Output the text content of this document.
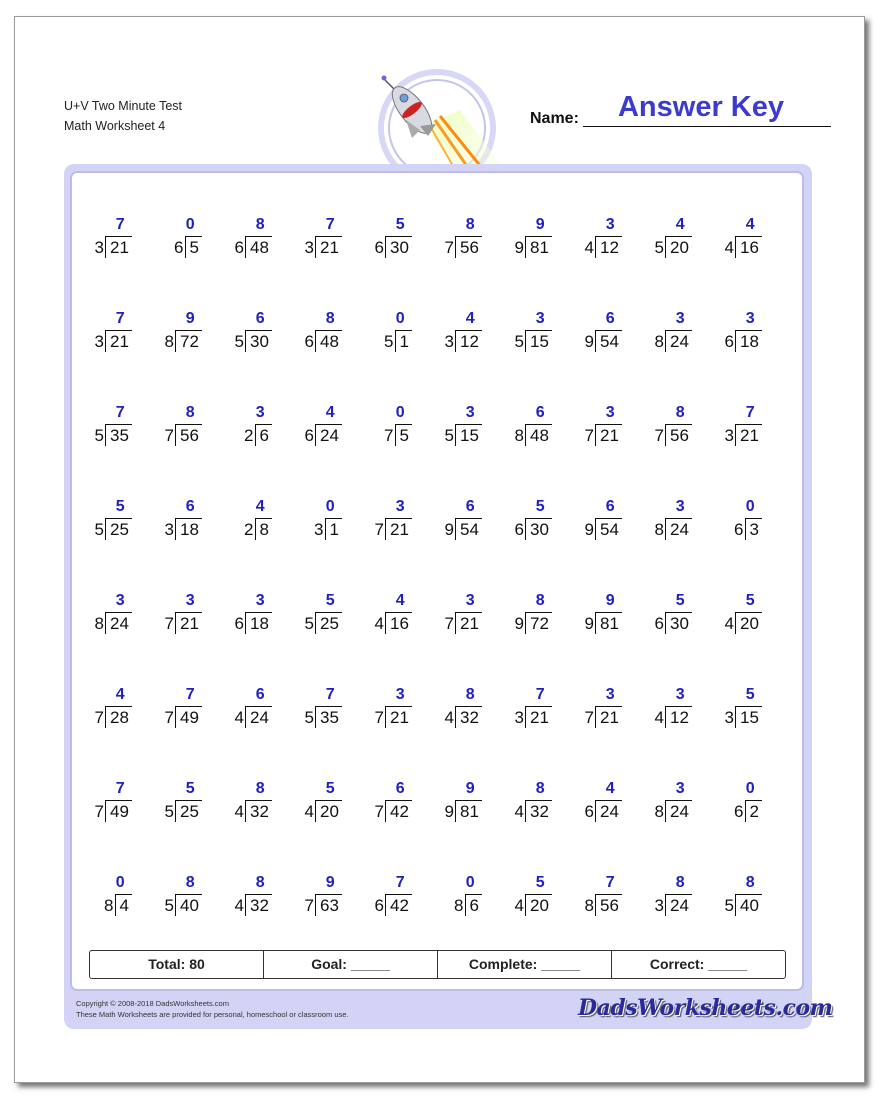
U+V Two Minute Test
Math Worksheet 4
Answer Key
Name:
7
3 21
0
6 5
8
6 48
7
3 21
5
6 30
8
7 56
9
9 81
3
4 12
4
5 20
4
4 16
7
3 21
9
8 72
6
5 30
8
6 48
0
5 1
4
3 12
3
5 15
6
9 54
3
8 24
3
6 18
7
5 35
8
7 56
3
2 6
4
6 24
0
7 5
3
5 15
6
8 48
3
7 21
8
7 56
7
3 21
5
5 25
6
3 18
4
2 8
0
3 1
3
7 21
6
9 54
5
6 30
6
9 54
3
8 24
0
6 3
3
8 24
3
7 21
3
6 18
5
5 25
4
4 16
3
7 21
8
9 72
9
9 81
5
6 30
5
4 20
4
7 28
7
7 49
6
4 24
7
5 35
3
7 21
8
4 32
7
3 21
3
7 21
3
4 12
5
3 15
7
7 49
5
5 25
8
4 32
5
4 20
6
7 42
9
9 81
8
4 32
4
6 24
3
8 24
0
6 2
0
8 4
8
5 40
8
4 32
9
7 63
7
6 42
0
8 6
5
4 20
7
8 56
8
3 24
8
5 40
Total: 80	Goal: _____	Complete: _____	Correct: _____
Copyright © 2008-2018 DadsWorksheets.com
These Math Worksheets are provided for personal, homeschool or classroom use.	DadsWorksheets.com
